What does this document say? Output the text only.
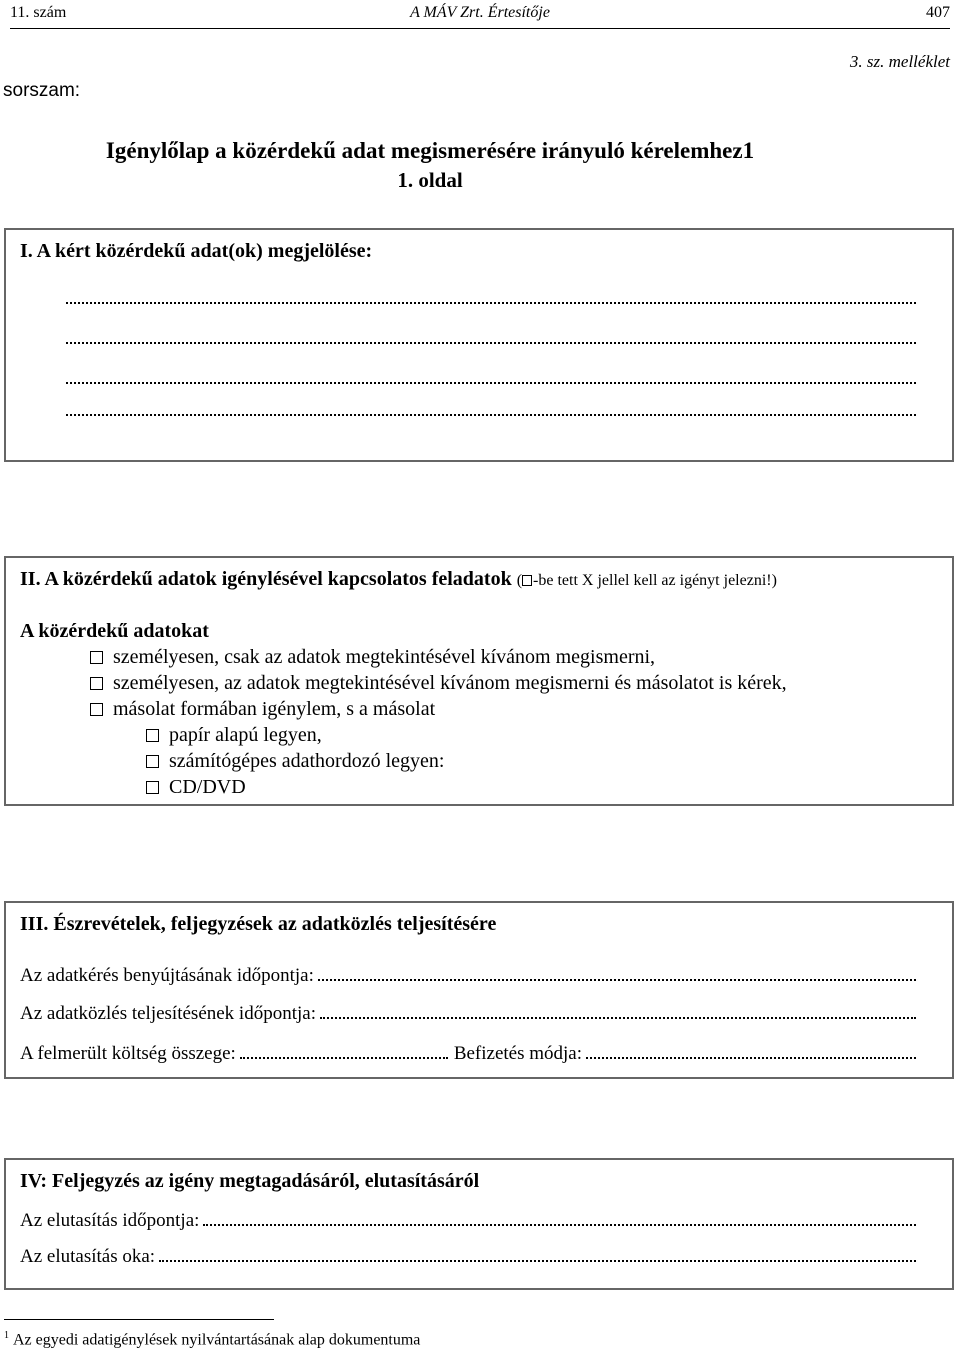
11. szám	A MÁV Zrt. Értesítője	407
3. sz. melléklet
sorszam:
Igénylőlap a közérdekű adat megismerésére irányuló kérelemhez1
1. oldal
I. A kért közérdekű adat(ok) megjelölése:
II. A közérdekű adatok igénylésével kapcsolatos feladatok ( -be tett X jellel kell az igényt jelezni!)
A közérdekű adatokat
személyesen, csak az adatok megtekintésével kívánom megismerni,
személyesen, az adatok megtekintésével kívánom megismerni és másolatot is kérek,
másolat formában igénylem, s a másolat
papír alapú legyen,
számítógépes adathordozó legyen:
CD/DVD
III. Észrevételek, feljegyzések az adatközlés teljesítésére
Az adatkérés benyújtásának időpontja:
Az adatközlés teljesítésének időpontja:
A felmerült költség összege:	Befizetés módja:
IV: Feljegyzés az igény megtagadásáról, elutasításáról
Az elutasítás időpontja:
Az elutasítás oka:
$^1$ Az egyedi adatigénylések nyilvántartásának alap dokumentuma
